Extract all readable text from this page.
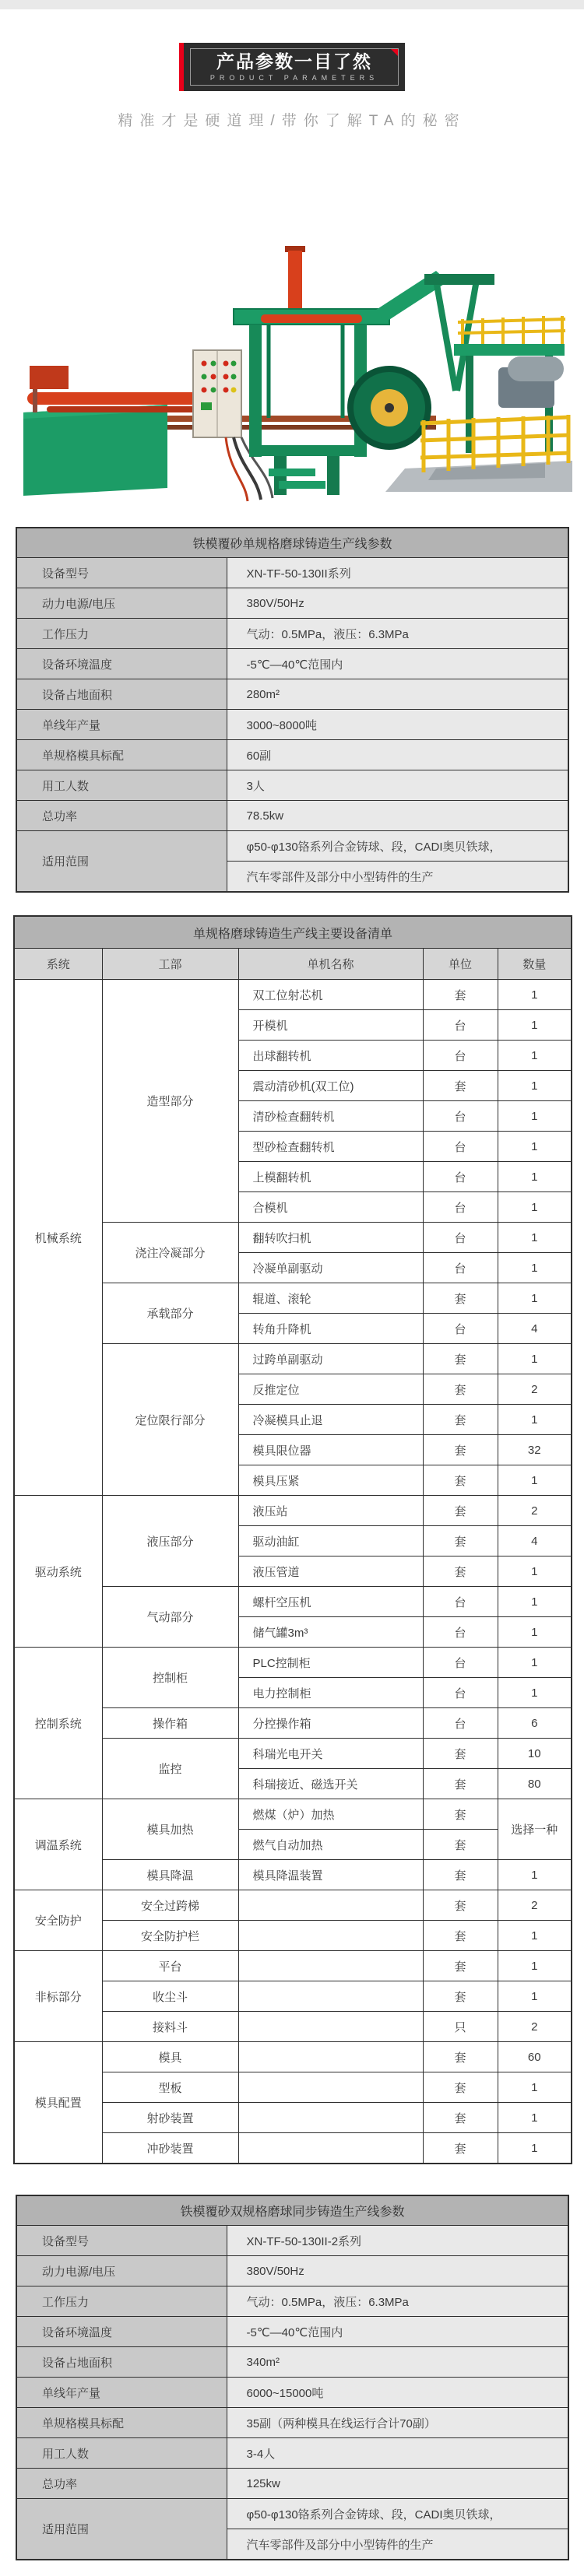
产品参数一目了然
PRODUCT PARAMETERS
精准才是硬道理/带你了解TA的秘密
铁模覆砂单规格磨球铸造生产线参数	
设备型号	XN-TF-50-130II系列
动力电源/电压	380V/50Hz
工作压力	气动：0.5MPa，液压：6.3MPa
设备环境温度	-5℃—40℃范围内
设备占地面积	280m²
单线年产量	3000~8000吨
单规格模具标配	60副
用工人数	3人
总功率	78.5kw
适用范围	φ50-φ130铬系列合金铸球、段，CADI奥贝铁球，
	汽车零部件及部分中小型铸件的生产
单规格磨球铸造生产线主要设备清单				
系统	工部	单机名称	单位	数量
机械系统	造型部分	双工位射芯机	套	1
		开模机	台	1
		出球翻转机	台	1
		震动清砂机(双工位)	套	1
		清砂检查翻转机	台	1
		型砂检查翻转机	台	1
		上模翻转机	台	1
		合模机	台	1
	浇注冷凝部分	翻转吹扫机	台	1
		冷凝单副驱动	台	1
	承载部分	辊道、滚轮	套	1
		转角升降机	台	4
	定位限行部分	过跨单副驱动	套	1
		反推定位	套	2
		冷凝模具止退	套	1
		模具限位器	套	32
		模具压紧	套	1
驱动系统	液压部分	液压站	套	2
		驱动油缸	套	4
		液压管道	套	1
	气动部分	螺杆空压机	台	1
		储气罐3m³	台	1
控制系统	控制柜	PLC控制柜	台	1
		电力控制柜	台	1
	操作箱	分控操作箱	台	6
	监控	科瑞光电开关	套	10
		科瑞接近、磁选开关	套	80
调温系统	模具加热	燃煤（炉）加热	套	选择一种
		燃气自动加热	套	
	模具降温	模具降温装置	套	1
安全防护	安全过跨梯		套	2
	安全防护栏		套	1
非标部分	平台		套	1
	收尘斗		套	1
	接料斗		只	2
模具配置	模具		套	60
	型板		套	1
	射砂装置		套	1
	冲砂装置		套	1
铁模覆砂双规格磨球同步铸造生产线参数	
设备型号	XN-TF-50-130II-2系列
动力电源/电压	380V/50Hz
工作压力	气动：0.5MPa，液压：6.3MPa
设备环境温度	-5℃—40℃范围内
设备占地面积	340m²
单线年产量	6000~15000吨
单规格模具标配	35副（两种模具在线运行合计70副）
用工人数	3-4人
总功率	125kw
适用范围	φ50-φ130铬系列合金铸球、段，CADI奥贝铁球，
	汽车零部件及部分中小型铸件的生产
